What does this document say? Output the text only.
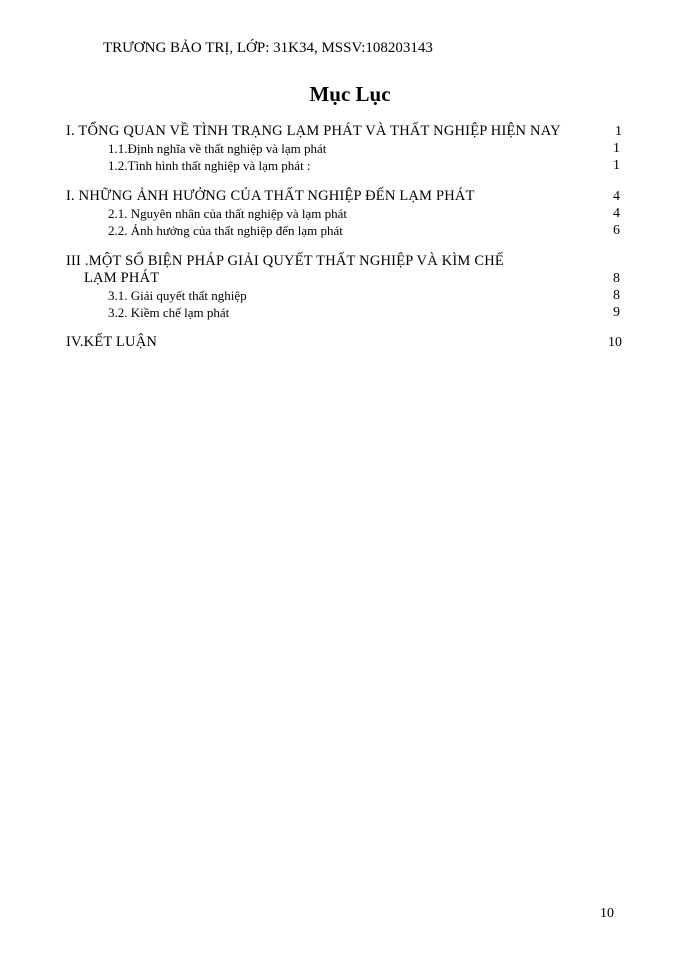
TRƯƠNG BẢO TRỊ, LỚP: 31K34, MSSV:108203143
Mục Lục
I. TỔNG QUAN VỀ TÌNH TRẠNG LẠM PHÁT VÀ THẤT NGHIỆP HIỆN NAY	1
1.1.Định nghĩa về thất nghiệp và lạm phát	1
1.2.Tình hình thất nghiệp và lạm phát :	1
I. NHỮNG ẢNH HƯỞNG CỦA THẤT NGHIỆP ĐẾN LẠM PHÁT	4
2.1. Nguyên nhân của thất nghiệp và lạm phát	4
2.2. Ảnh hưởng của thất nghiệp đến lạm phát	6
III .MỘT SỐ BIỆN PHÁP GIẢI QUYẾT THẤT NGHIỆP VÀ KÌM CHẾ
LẠM PHÁT	8
3.1. Giải quyết thất nghiệp	8
3.2. Kiềm chế lạm phát	9
IV.KẾT LUẬN	10
10
